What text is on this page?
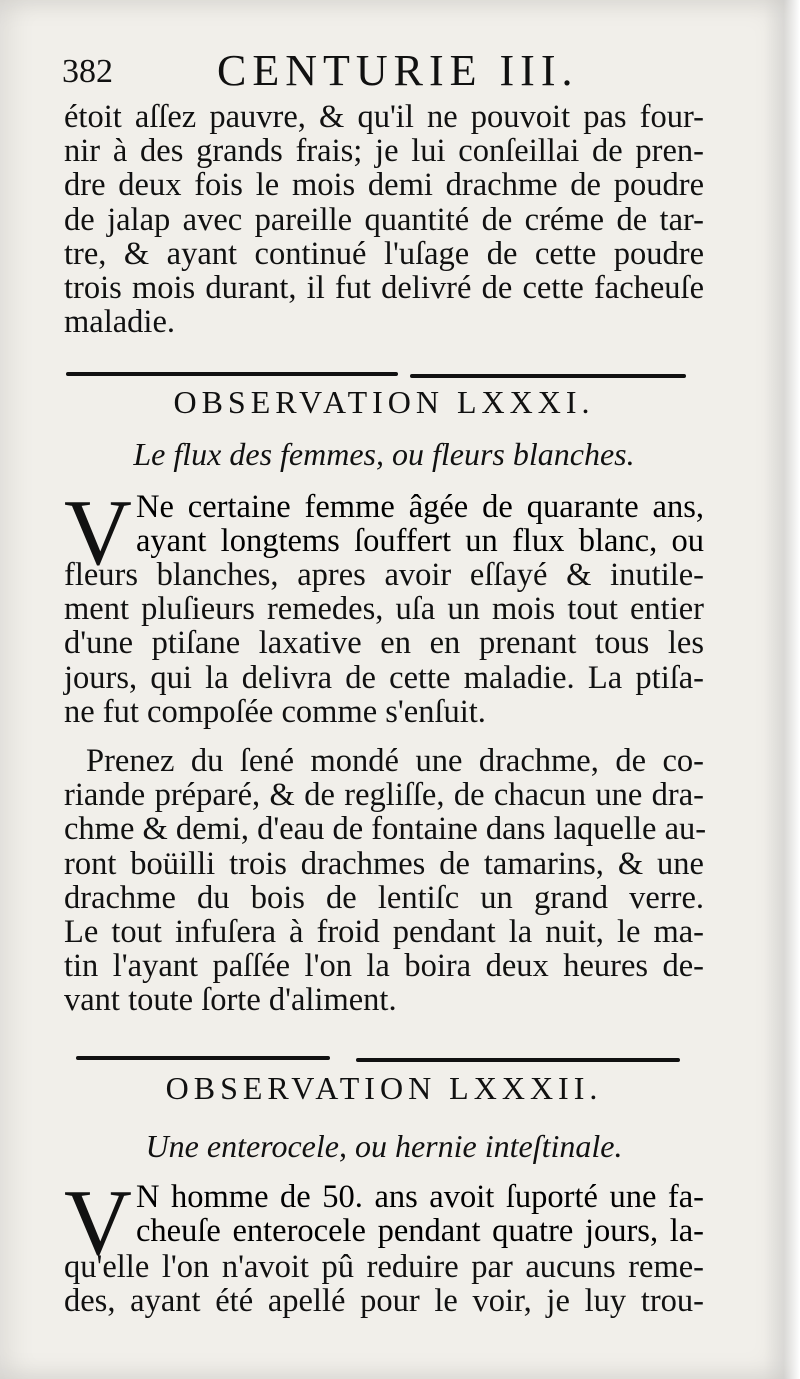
382 CENTURIE III.
étoit aſſez pauvre, & qu'il ne pouvoit pas four-
nir à des grands frais; je lui conſeillai de pren-
dre deux fois le mois demi drachme de poudre
de jalap avec pareille quantité de créme de tar-
tre, & ayant continué l'uſage de cette poudre
trois mois durant, il fut delivré de cette facheuſe
maladie.
OBSERVATION LXXXI.
Le flux des femmes, ou fleurs blanches.
V Ne certaine femme âgée de quarante ans,
ayant longtems ſouffert un flux blanc, ou
fleurs blanches, apres avoir eſſayé & inutile-
ment pluſieurs remedes, uſa un mois tout entier
d'une ptiſane laxative en en prenant tous les
jours, qui la delivra de cette maladie. La ptiſa-
ne fut compoſée comme s'enſuit.
Prenez du ſené mondé une drachme, de co-
riande préparé, & de regliſſe, de chacun une dra-
chme & demi, d'eau de fontaine dans laquelle au-
ront boüilli trois drachmes de tamarins, & une
drachme du bois de lentiſc un grand verre.
Le tout infuſera à froid pendant la nuit, le ma-
tin l'ayant paſſée l'on la boira deux heures de-
vant toute ſorte d'aliment.
OBSERVATION LXXXII.
Une enterocele, ou hernie inteſtinale.
V N homme de 50. ans avoit ſuporté une fa-
cheuſe enterocele pendant quatre jours, la-
qu'elle l'on n'avoit pû reduire par aucuns reme-
des, ayant été apellé pour le voir, je luy trou-
